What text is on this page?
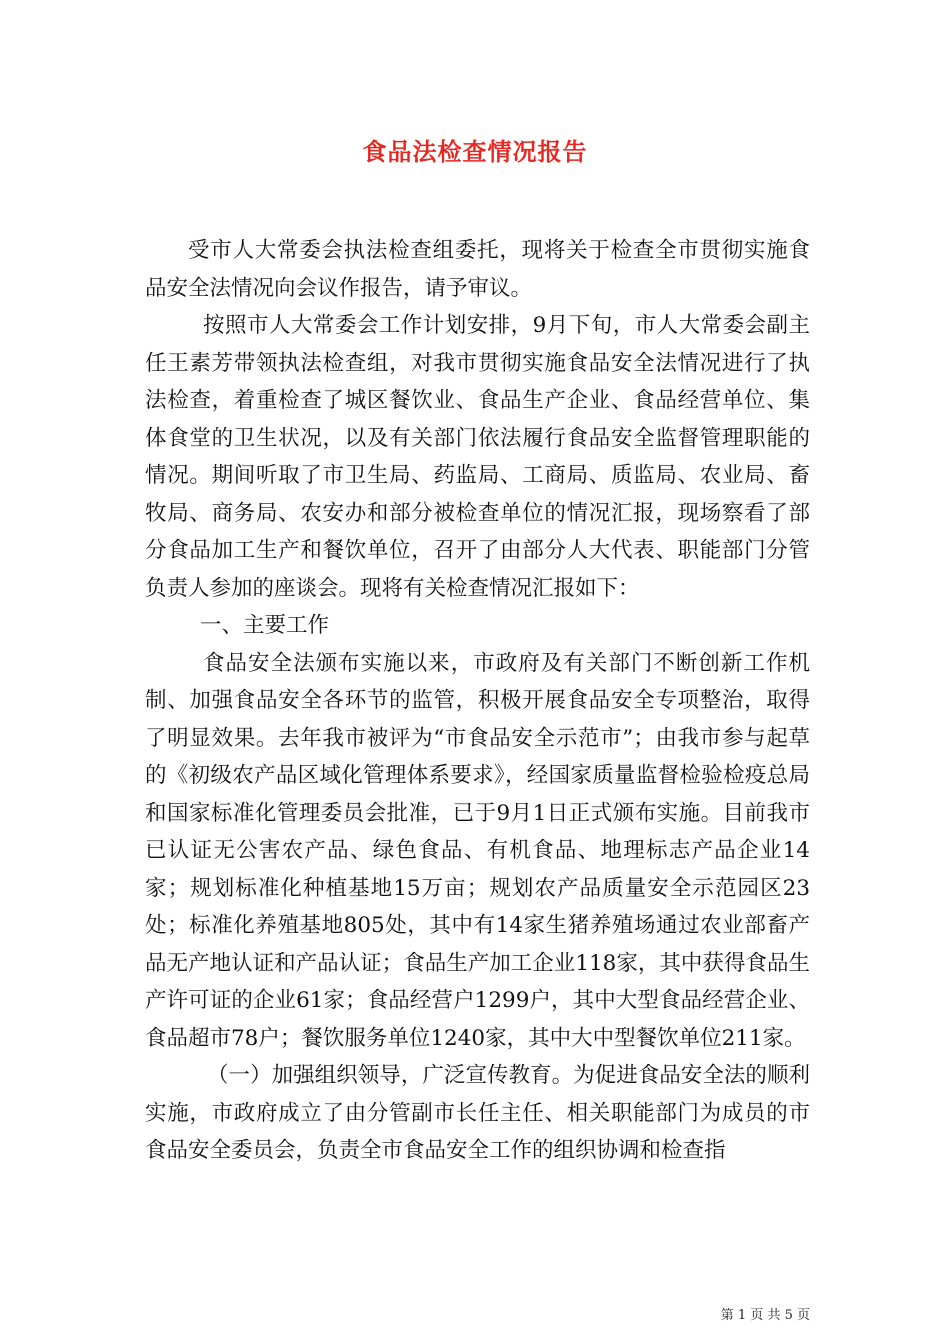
食品法检查情况报告

受市人大常委会执法检查组委托，现将关于检查全市贯彻实施食品安全法情况向会议作报告，请予审议。

按照市人大常委会工作计划安排，9月下旬，市人大常委会副主任王素芳带领执法检查组，对我市贯彻实施食品安全法情况进行了执法检查，着重检查了城区餐饮业、食品生产企业、食品经营单位、集体食堂的卫生状况，以及有关部门依法履行食品安全监督管理职能的情况。期间听取了市卫生局、药监局、工商局、质监局、农业局、畜牧局、商务局、农安办和部分被检查单位的情况汇报，现场察看了部分食品加工生产和餐饮单位，召开了由部分人大代表、职能部门分管负责人参加的座谈会。现将有关检查情况汇报如下：

一、主要工作

食品安全法颁布实施以来，市政府及有关部门不断创新工作机制、加强食品安全各环节的监管，积极开展食品安全专项整治，取得了明显效果。去年我市被评为“市食品安全示范市”；由我市参与起草的《初级农产品区域化管理体系要求》，经国家质量监督检验检疫总局和国家标准化管理委员会批准，已于9月1日正式颁布实施。目前我市已认证无公害农产品、绿色食品、有机食品、地理标志产品企业14家；规划标准化种植基地15万亩；规划农产品质量安全示范园区23处；标准化养殖基地805处，其中有14家生猪养殖场通过农业部畜产品无产地认证和产品认证；食品生产加工企业118家，其中获得食品生产许可证的企业61家；食品经营户1299户，其中大型食品经营企业、食品超市78户；餐饮服务单位1240家，其中大中型餐饮单位211家。

（一）加强组织领导，广泛宣传教育。为促进食品安全法的顺利实施，市政府成立了由分管副市长任主任、相关职能部门为成员的市食品安全委员会，负责全市食品安全工作的组织协调和检查指

第 1 页 共 5 页
